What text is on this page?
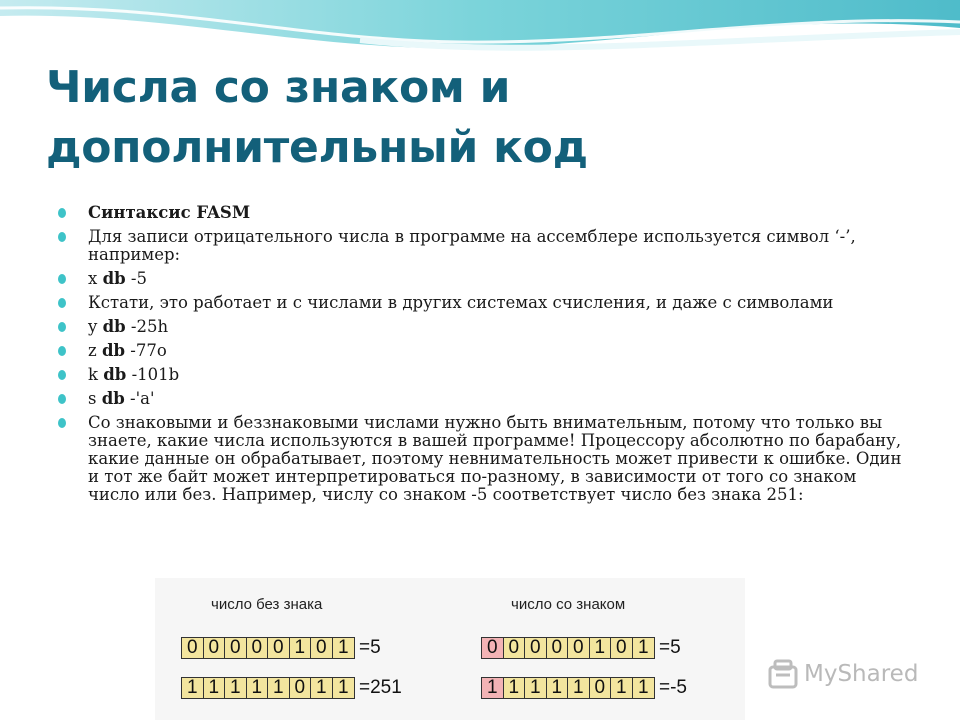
Числа со знаком и
дополнительный код
Синтаксис FASM
Для записи отрицательного числа в программе на ассемблере используется символ ‘-’, например:
x db -5
Кстати, это работает и с числами в других системах счисления, и даже с символами
y db -25h
z db -77o
k db -101b
s db -'a'
Со знаковыми и беззнаковыми числами нужно быть внимательным, потому что только вы знаете, какие числа используются в вашей программе! Процессору абсолютно по барабану, какие данные он обрабатывает, поэтому невнимательность может привести к ошибке. Один и тот же байт может интерпретироваться по-разному, в зависимости от того со знаком число или без. Например, числу со знаком -5 соответствует число без знака 251:
число без знака	число со знаком
0 0 0 0 0 1 0 1 =5
1 1 1 1 1 0 1 1 =251
0 0 0 0 0 1 0 1 =5
1 1 1 1 1 0 1 1 =-5
MyShared
